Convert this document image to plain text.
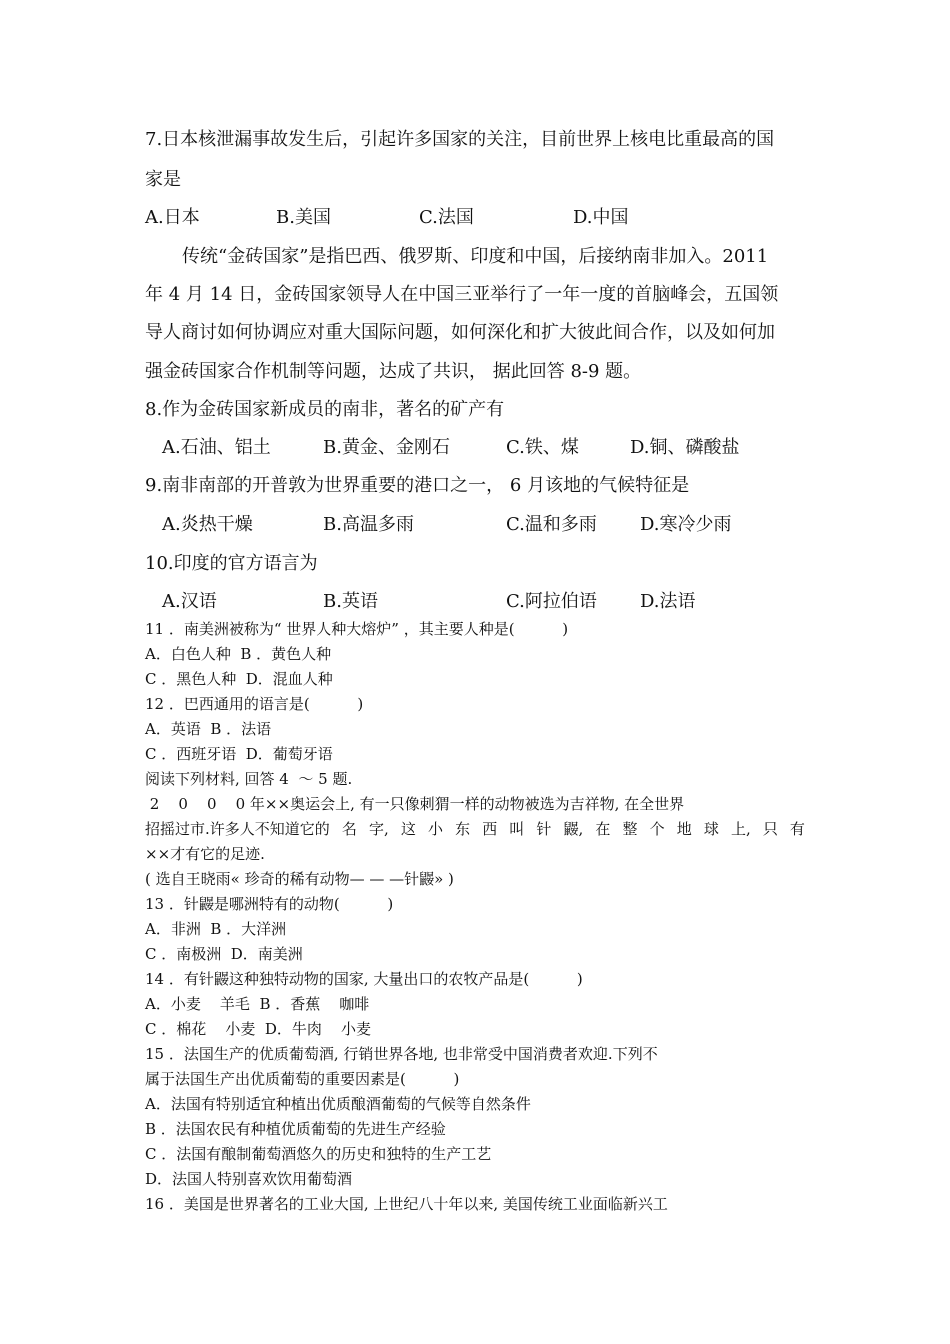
7.日本核泄漏事故发生后，引起许多国家的关注，目前世界上核电比重最高的国
家是
A.日本	B.美国	C.法国	D.中国
传统“金砖国家”是指巴西、俄罗斯、印度和中国，后接纳南非加入。2011
年 4 月 14 日，金砖国家领导人在中国三亚举行了一年一度的首脑峰会，五国领
导人商讨如何协调应对重大国际问题，如何深化和扩大彼此间合作，以及如何加
强金砖国家合作机制等问题，达成了共识， 据此回答 8-9 题。
8.作为金砖国家新成员的南非，著名的矿产有
A.石油、铝土	B.黄金、金刚石	C.铁、煤	D.铜、磷酸盐
9.南非南部的开普敦为世界重要的港口之一， 6 月该地的气候特征是
A.炎热干燥	B.高温多雨	C.温和多雨 D.寒冷少雨
10.印度的官方语言为
A.汉语	B.英语	C.阿拉伯语 D.法语
11 ．南美洲被称为“ 世界人种大熔炉” ，其主要人种是(          )
A．白色人种  B ．黄色人种
C ．黑色人种  D．混血人种
12 ．巴西通用的语言是(          )
A．英语  B ．法语
C ．西班牙语  D．葡萄牙语
阅读下列材料, 回答 4  ～ 5 题.
2    0    0    0 年××奥运会上, 有一只像刺猬一样的动物被选为吉祥物, 在全世界
招摇过市.许多人不知道它的 名 字, 这 小 东 西 叫 针 鼹, 在 整 个 地 球 上, 只 有
××才有它的足迹.
( 选自王晓雨« 珍奇的稀有动物— — —针鼹» )
13 ．针鼹是哪洲特有的动物(          )
A．非洲  B ．大洋洲
C ．南极洲  D．南美洲
14 ．有针鼹这种独特动物的国家, 大量出口的农牧产品是(          )
A．小麦    羊毛  B ．香蕉    咖啡
C ．棉花    小麦  D．牛肉    小麦
15 ．法国生产的优质葡萄酒, 行销世界各地, 也非常受中国消费者欢迎.下列不
属于法国生产出优质葡萄的重要因素是(          )
A．法国有特别适宜种植出优质酿酒葡萄的气候等自然条件
B ．法国农民有种植优质葡萄的先进生产经验
C ．法国有酿制葡萄酒悠久的历史和独特的生产工艺
D．法国人特别喜欢饮用葡萄酒
16 ．美国是世界著名的工业大国, 上世纪八十年以来, 美国传统工业面临新兴工
